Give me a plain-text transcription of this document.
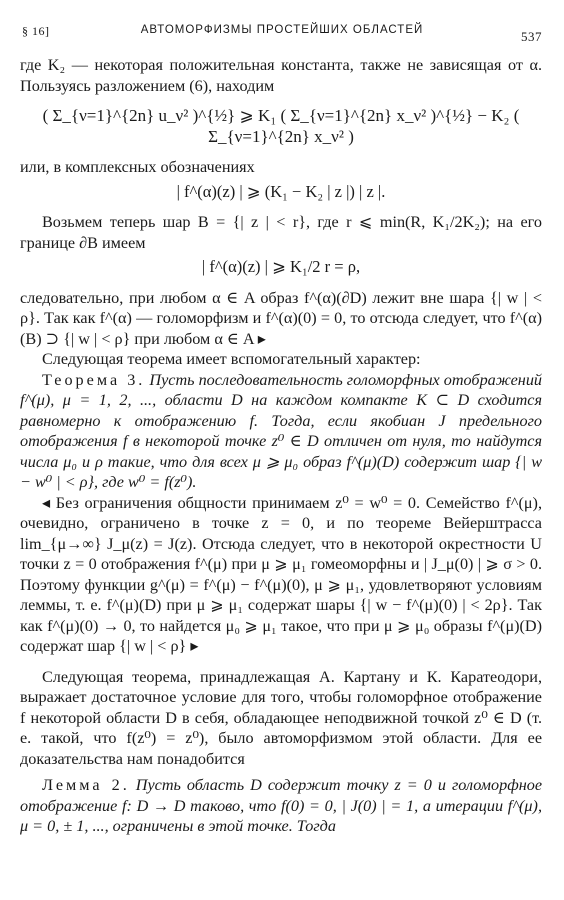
§ 16]	АВТОМОРФИЗМЫ ПРОСТЕЙШИХ ОБЛАСТЕЙ	537

где K₂ — некоторая положительная константа, также не зависящая от α. Пользуясь разложением (6), находим

( Σ_{ν=1}^{2n} u_ν² )^{½} ⩾ K₁ ( Σ_{ν=1}^{2n} x_ν² )^{½} − K₂ ( Σ_{ν=1}^{2n} x_ν² )

или, в комплексных обозначениях

| f^(α)(z) | ⩾ (K₁ − K₂ | z |) | z |.

Возьмем теперь шар B = {| z | < r}, где r ⩽ min(R, K₁/2K₂); на его границе ∂B имеем

| f^(α)(z) | ⩾ K₁/2 r = ρ,

следовательно, при любом α ∈ A образ f^(α)(∂D) лежит вне шара {| w | < ρ}. Так как f^(α) — голоморфизм и f^(α)(0) = 0, то отсюда следует, что f^(α)(B) ⊃ {| w | < ρ} при любом α ∈ A ▸

Следующая теорема имеет вспомогательный характер:

Теорема 3. Пусть последовательность голоморфных отображений f^(μ), μ = 1, 2, ..., области D на каждом компакте K ⊂ D сходится равномерно к отображению f. Тогда, если якобиан J предельного отображения f в некоторой точке z⁰ ∈ D отличен от нуля, то найдутся числа μ₀ и ρ такие, что для всех μ ⩾ μ₀ образ f^(μ)(D) содержит шар {| w − w⁰ | < ρ}, где w⁰ = f(z⁰).

◂ Без ограничения общности принимаем z⁰ = w⁰ = 0. Семейство f^(μ), очевидно, ограничено в точке z = 0, и по теореме Вейерштрасса lim_{μ→∞} J_μ(z) = J(z). Отсюда следует, что в некоторой окрестности U точки z = 0 отображения f^(μ) при μ ⩾ μ₁ гомеоморфны и | J_μ(0) | ⩾ σ > 0. Поэтому функции g^(μ) = f^(μ) − f^(μ)(0), μ ⩾ μ₁, удовлетворяют условиям леммы, т. е. f^(μ)(D) при μ ⩾ μ₁ содержат шары {| w − f^(μ)(0) | < 2ρ}. Так как f^(μ)(0) → 0, то найдется μ₀ ⩾ μ₁ такое, что при μ ⩾ μ₀ образы f^(μ)(D) содержат шар {| w | < ρ} ▸

Следующая теорема, принадлежащая А. Картану и К. Каратеодори, выражает достаточное условие для того, чтобы голоморфное отображение f некоторой области D в себя, обладающее неподвижной точкой z⁰ ∈ D (т. е. такой, что f(z⁰) = z⁰), было автоморфизмом этой области. Для ее доказательства нам понадобится

Лемма 2. Пусть область D содержит точку z = 0 и голоморфное отображение f: D → D таково, что f(0) = 0, | J(0) | = 1, а итерации f^(μ), μ = 0, ± 1, ..., ограничены в этой точке. Тогда
